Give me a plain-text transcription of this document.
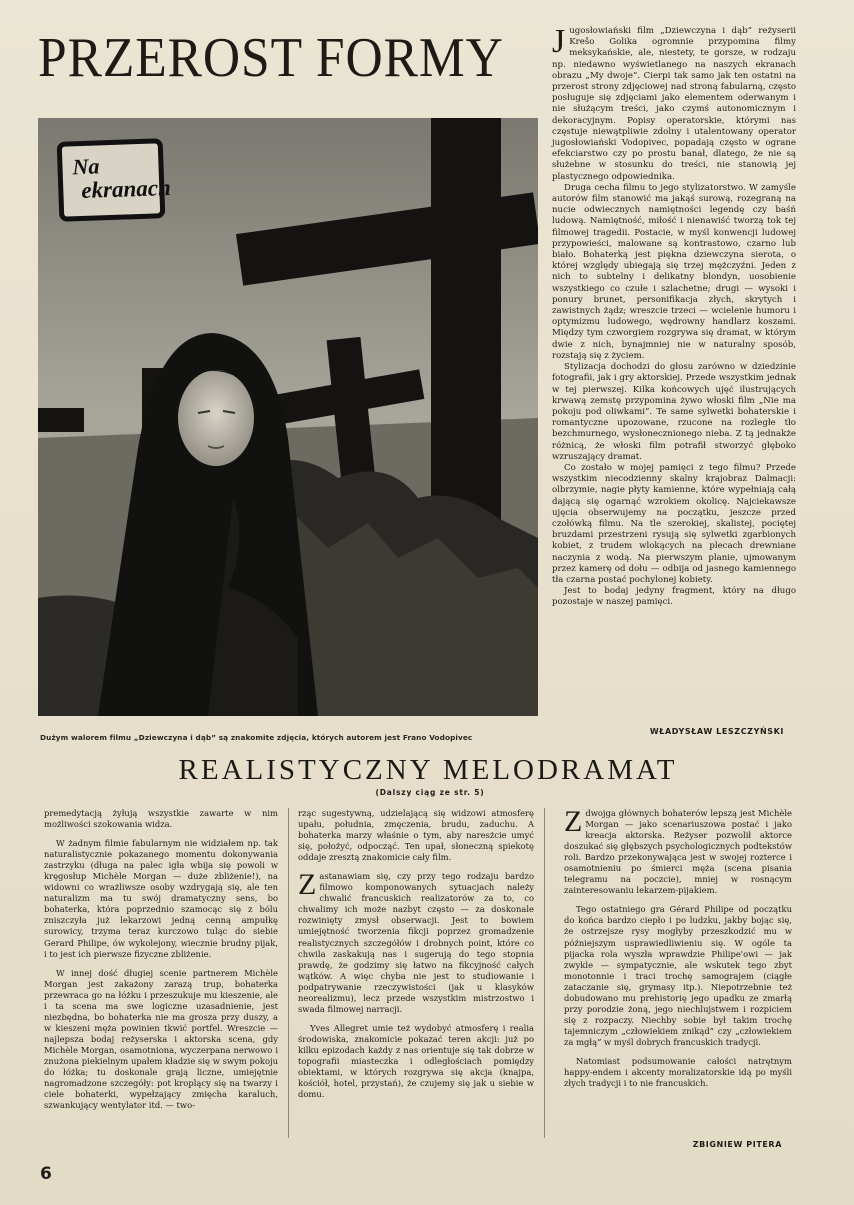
PRZEROST FORMY
Na
ekranach
Dużym walorem filmu „Dziewczyna i dąb” są znakomite zdjęcia, których autorem jest Frano Vodopivec

Jugosłowiański film „Dziewczyna i dąb” reżyserii Krešo Golika ogromnie przypomina filmy meksykańskie, ale, niestety, te gorsze, w rodzaju np. niedawno wyświetlanego na naszych ekranach obrazu „My dwoje”. Cierpi tak samo jak ten ostatni na przerost strony zdjęciowej nad stroną fabularną, często posługuje się zdjęciami jako elementem oderwanym i nie służącym treści, jako czymś autonomicznym i dekoracyjnym. Popisy operatorskie, którymi nas częstuje niewątpliwie zdolny i utalentowany operator jugosłowiański Vodopivec, popadają często w ograne efekciarstwo czy po prostu banał, dlatego, że nie są służebne w stosunku do treści, nie stanowią jej plastycznego odpowiednika.

Druga cecha filmu to jego stylizatorstwo. W zamyśle autorów film stanowić ma jakąś surową, rozegraną na nucie odwiecznych namiętności legendę czy baśń ludową. Namiętność, miłość i nienawiść tworzą tok tej filmowej tragedii. Postacie, w myśl konwencji ludowej przypowieści, malowane są kontrastowo, czarno lub biało. Bohaterką jest piękna dziewczyna sierota, o której względy ubiegają się trzej mężczyźni. Jeden z nich to subtelny i delikatny blondyn, uosobienie wszystkiego co czułe i szlachetne; drugi — wysoki i ponury brunet, personifikacja złych, skrytych i zawistnych żądz; wreszcie trzeci — wcielenie humoru i optymizmu ludowego, wędrowny handlarz koszami. Między tym czworgiem rozgrywa się dramat, w którym dwie z nich, bynajmniej nie w naturalny sposób, rozstają się z życiem.

Stylizacja dochodzi do głosu zarówno w dziedzinie fotografii, jak i gry aktorskiej. Przede wszystkim jednak w tej pierwszej. Kilka końcowych ujęć ilustrujących krwawą zemstę przypomina żywo włoski film „Nie ma pokoju pod oliwkami”. Te same sylwetki bohaterskie i romantyczne upozowane, rzucone na rozległe tło bezchmurnego, wysłonecznionego nieba. Z tą jednakże różnicą, że włoski film potrafił stworzyć głęboko wzruszający dramat.

Co zostało w mojej pamięci z tego filmu? Przede wszystkim niecodzienny skalny krajobraz Dalmacji: olbrzymie, nagie płyty kamienne, które wypełniają całą dającą się ogarnąć wzrokiem okolicę. Najciekawsze ujęcia obserwujemy na początku, jeszcze przed czołówką filmu. Na tle szerokiej, skalistej, pociętej bruzdami przestrzeni rysują się sylwetki zgarbionych kobiet, z trudem wlokących na plecach drewniane naczynia z wodą. Na pierwszym planie, ujmowanym przez kamerę od dołu — odbija od jasnego kamiennego tła czarna postać pochylonej kobiety.

Jest to bodaj jedyny fragment, który na długo pozostaje w naszej pamięci.

WŁADYSŁAW LESZCZYŃSKI
REALISTYCZNY MELODRAMAT
(Dalszy ciąg ze str. 5)

premedytacją żyłują wszystkie zawarte w nim możliwości szokowania widza.

W żadnym filmie fabularnym nie widziałem np. tak naturalistycznie pokazanego momentu dokonywania zastrzyku (długa na palec igła wbija się powoli w kręgosłup Michèle Morgan — duże zbliżenie!), na widowni co wrażliwsze osoby wzdrygają się, ale ten naturalizm ma tu swój dramatyczny sens, bo bohaterka, która poprzednio szamocąc się z bólu zniszczyła już lekarzowi jedną cenną ampułkę surowicy, trzyma teraz kurczowo tuląc do siebie Gerard Philipe, ów wykolejony, wiecznie brudny pijak, i to jest ich pierwsze fizyczne zbliżenie.

W innej dość długiej scenie partnerem Michèle Morgan jest zakażony zarazą trup, bohaterka przewraca go na łóżku i przeszukuje mu kieszenie, ale i ta scena ma swe logiczne uzasadnienie, jest niezbędna, bo bohaterka nie ma grosza przy duszy, a w kieszeni męża powinien tkwić portfel. Wreszcie — najlepsza bodaj reżyserska i aktorska scena, gdy Michèle Morgan, osamotniona, wyczerpana nerwowo i znużona piekielnym upałem kładzie się w swym pokoju do łóżka; tu doskonale grają liczne, umiejętnie nagromadzone szczegóły: pot kroplący się na twarzy i ciele bohaterki, wypełzający zmięcha karaluch, szwankujący wentylator itd. — two-

rząc sugestywną, udzielającą się widzowi atmosferę upału, południa, zmęczenia, brudu, zaduchu. A bohaterka marzy właśnie o tym, aby naresżcie umyć się, położyć, odpocząć. Ten upał, słoneczną spiekotę oddaje zresztą znakomicie cały film.

Zastanawiam się, czy przy tego rodzaju bardzo filmowo komponowanych sytuacjach należy chwalić francuskich realizatorów za to, co chwalimy ich może nazbyt często — za doskonale rozwinięty zmysł obserwacji. Jest to bowiem umiejętność tworzenia fikcji poprzez gromadzenie realistycznych szczegółów i drobnych point, które co chwila zaskakują nas i sugerują do tego stopnia prawdę, że godzimy się łatwo na fikcyjność całych wątków. A więc chyba nie jest to studiowanie i podpatrywanie rzeczywistości (jak u klasyków neorealizmu), lecz przede wszystkim mistrzostwo i swada filmowej narracji.

Yves Allegret umie też wydobyć atmosferę i realia środowiska, znakomicie pokazać teren akcji: już po kilku epizodach każdy z nas orientuje się tak dobrze w topografii miasteczka i odległościach pomiędzy obiektami, w których rozgrywa się akcja (knajpa, kościół, hotel, przystań), że czujemy się jak u siebie w domu.

Zdwojga głównych bohaterów lepszą jest Michèle Morgan — jako scenariuszowa postać i jako kreacja aktorska. Reżyser pozwolił aktorce doszukać się głębszych psychologicznych podtekstów roli. Bardzo przekonywająca jest w swojej rozterce i osamotnieniu po śmierci męża (scena pisania telegramu na poczcie), mniej w rosnącym zainteresowaniu lekarzem-pijakiem.

Tego ostatniego gra Gérard Philipe od początku do końca bardzo ciepło i po ludzku, jakby bojąc się, że ostrzejsze rysy mogłyby przeszkodzić mu w późniejszym usprawiedliwieniu się. W ogóle ta pijacka rola wyszła wprawdzie Philipe'owi — jak zwykle — sympatycznie, ale wskutek tego zbyt monotonnie i traci trochę samograjem (ciągłe zataczanie się, grymasy itp.). Niepotrzebnie też dobudowano mu prehistorię jego upadku ze zmarłą przy porodzie żoną, jego niechlujstwem i rozpiciem się z rozpaczy. Niechby sobie był takim trochę tajemniczym „człowiekiem znikąd” czy „człowiekiem za mgłą” w myśl dobrych francuskich tradycji.

Natomiast podsumowanie całości natrętnym happy-endem i akcenty moralizatorskie idą po myśli złych tradycji i to nie francuskich.

ZBIGNIEW PITERA
6
